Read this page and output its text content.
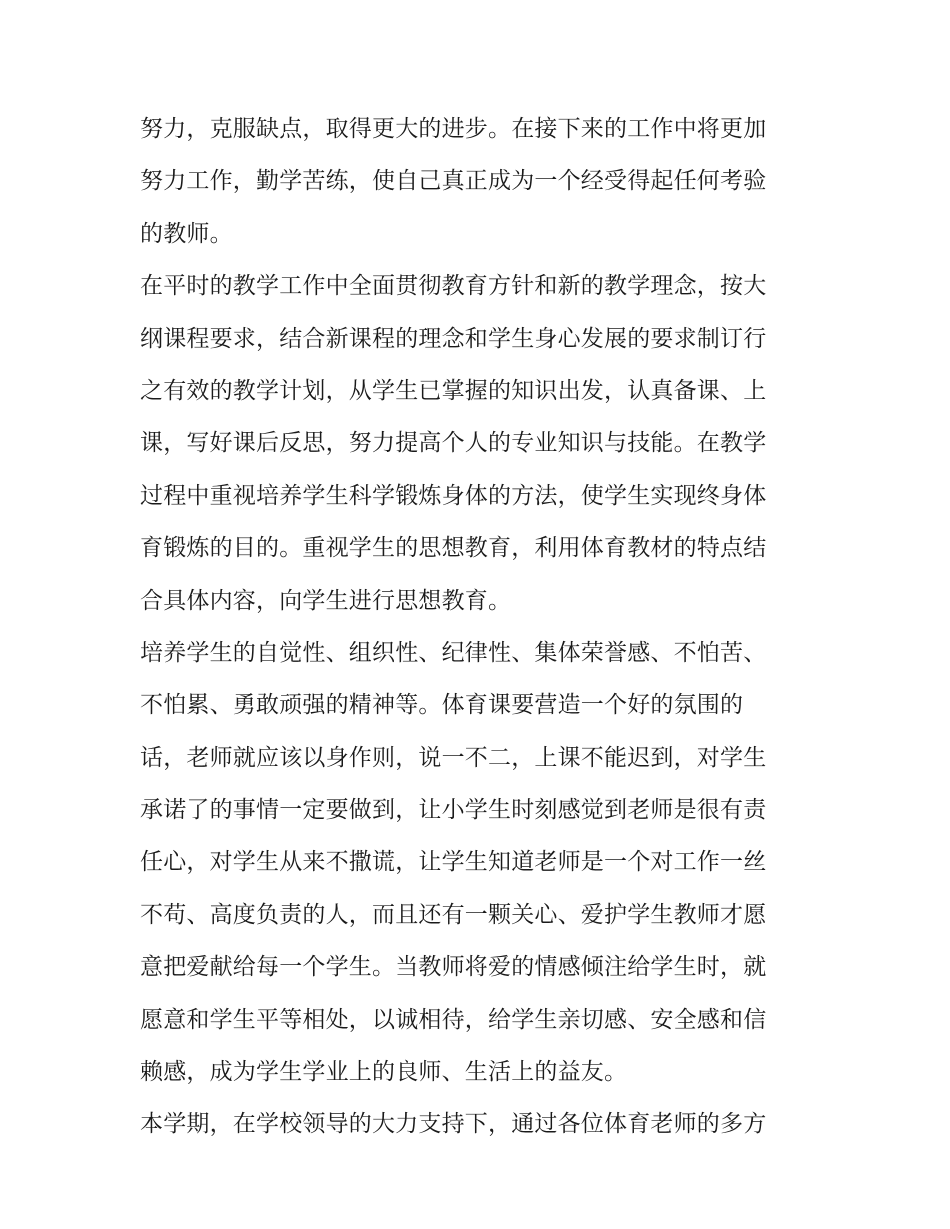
努力，克服缺点，取得更大的进步。在接下来的工作中将更加
努力工作，勤学苦练，使自己真正成为一个经受得起任何考验
的教师。
在平时的教学工作中全面贯彻教育方针和新的教学理念，按大
纲课程要求，结合新课程的理念和学生身心发展的要求制订行
之有效的教学计划，从学生已掌握的知识出发，认真备课、上
课，写好课后反思，努力提高个人的专业知识与技能。在教学
过程中重视培养学生科学锻炼身体的方法，使学生实现终身体
育锻炼的目的。重视学生的思想教育，利用体育教材的特点结
合具体内容，向学生进行思想教育。
培养学生的自觉性、组织性、纪律性、集体荣誉感、不怕苦、
不怕累、勇敢顽强的精神等。体育课要营造一个好的氛围的
话，老师就应该以身作则，说一不二，上课不能迟到，对学生
承诺了的事情一定要做到，让小学生时刻感觉到老师是很有责
任心，对学生从来不撒谎，让学生知道老师是一个对工作一丝
不苟、高度负责的人，而且还有一颗关心、爱护学生教师才愿
意把爱献给每一个学生。当教师将爱的情感倾注给学生时，就
愿意和学生平等相处，以诚相待，给学生亲切感、安全感和信
赖感，成为学生学业上的良师、生活上的益友。
本学期，在学校领导的大力支持下，通过各位体育老师的多方
